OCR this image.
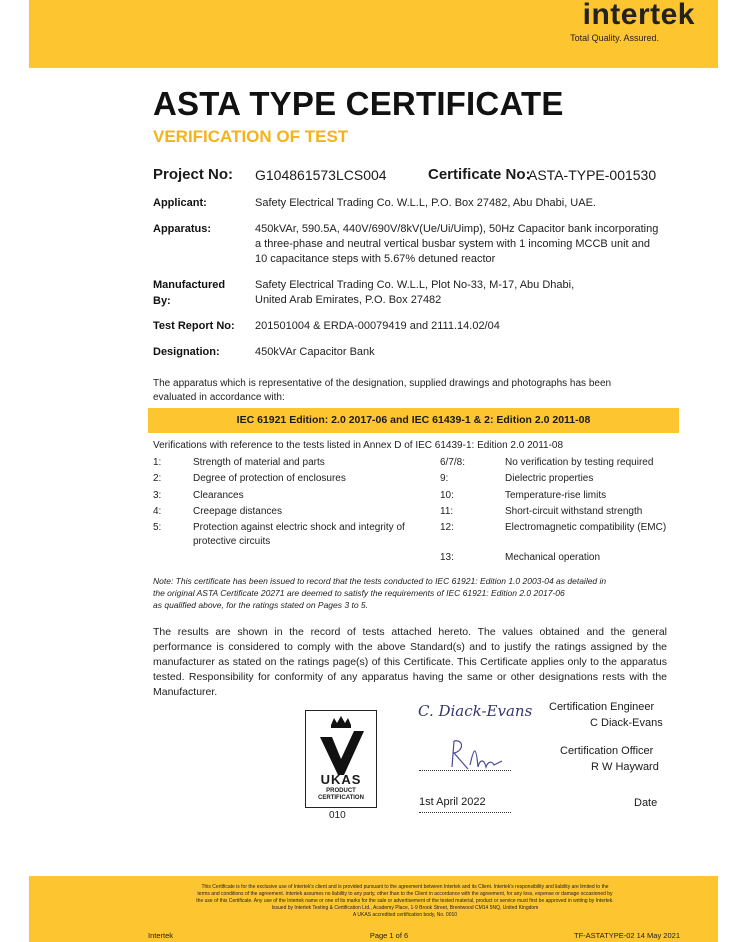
intertek
Total Quality. Assured.
ASTA TYPE CERTIFICATE
VERIFICATION OF TEST
Project No: G104861573LCS004	Certificate No:
ASTA-TYPE-001530
Applicant:	Safety Electrical Trading Co. W.L.L, P.O. Box 27482, Abu Dhabi, UAE.
Apparatus:	450kVAr, 590.5A, 440V/690V/8kV(Ue/Ui/Uimp), 50Hz Capacitor bank incorporating
a three-phase and neutral vertical busbar system with 1 incoming MCCB unit and
10 capacitance steps with 5.67% detuned reactor
Manufactured
By:
Safety Electrical Trading Co. W.L.L, Plot No-33, M-17, Abu Dhabi,
United Arab Emirates, P.O. Box 27482
Test Report No: 201501004 & ERDA-00079419 and 2111.14.02/04
Designation:	450kVAr Capacitor Bank
The apparatus which is representative of the designation, supplied drawings and photographs has been
evaluated in accordance with:
IEC 61921 Edition: 2.0 2017-06 and IEC 61439-1 & 2: Edition 2.0 2011-08
Verifications with reference to the tests listed in Annex D of IEC 61439-1: Edition 2.0 2011-08
1:	Strength of material and parts
2:	Degree of protection of enclosures
3:	Clearances
4:	Creepage distances
5:	Protection against electric shock and integrity of
protective circuits
6/7/8:	No verification by testing required
9:	Dielectric properties
10:	Temperature-rise limits
11:	Short-circuit withstand strength
12:	Electromagnetic compatibility (EMC)
13:	Mechanical operation
Note: This certificate has been issued to record that the tests conducted to IEC 61921: Edition 1.0 2003-04 as detailed in
the original ASTA Certificate 20271 are deemed to satisfy the requirements of IEC 61921: Edition 2.0 2017-06
as qualified above, for the ratings stated on Pages 3 to 5.
The results are shown in the record of tests attached hereto. The values obtained and the general performance is considered to comply with the above Standard(s) and to justify the ratings assigned by the manufacturer as stated on the ratings page(s) of this Certificate. This Certificate applies only to the apparatus tested. Responsibility for conformity of any apparatus having the same or other designations rests with the Manufacturer.
UKAS
PRODUCT
CERTIFICATION
010
C. Diack-Evans Certification Engineer
C Diack-Evans
Certification Officer
R W Hayward
1st April 2022	Date
This Certificate is for the exclusive use of Intertek's client and is provided pursuant to the agreement between Intertek and its Client. Intertek's responsibility and liability are limited to the
terms and conditions of the agreement. Intertek assumes no liability to any party, other than to the Client in accordance with the agreement, for any loss, expense or damage occasioned by
the use of this Certificate. Any use of the Intertek name or one of its marks for the sale or advertisement of the tested material, product or service must first be approved in writing by Intertek.
Issued by Intertek Testing & Certification Ltd., Academy Place, 1-9 Brook Street, Brentwood CM14 5NQ, United Kingdom
A UKAS accredited certification body, No. 0010
Intertek	Page 1 of 6	TF-ASTATYPE-02 14 May 2021
